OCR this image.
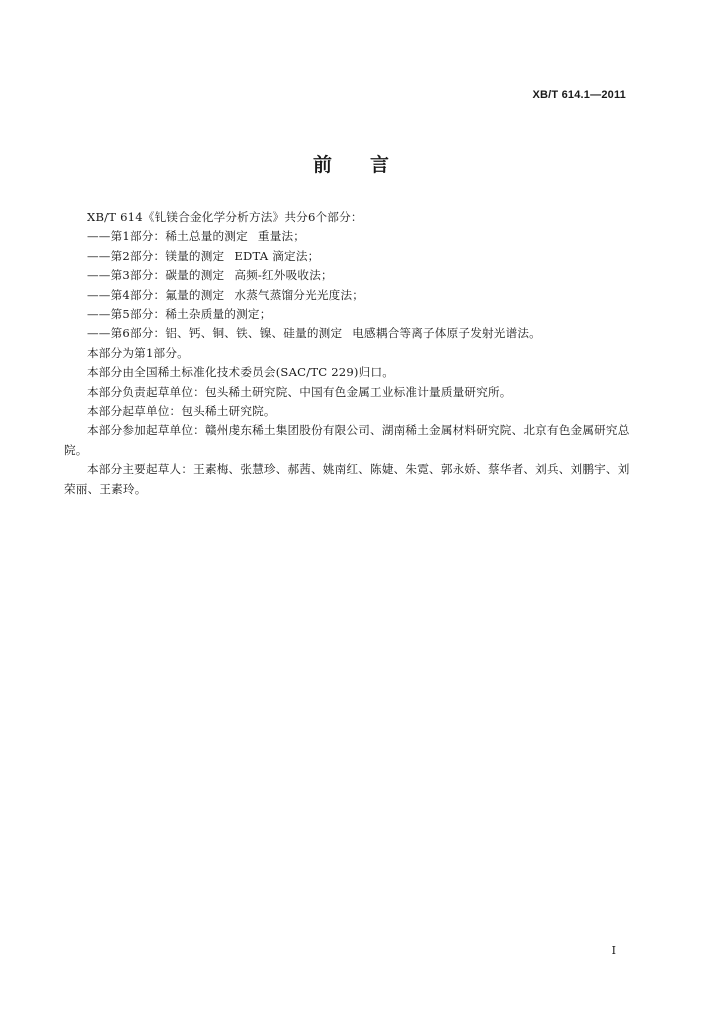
XB/T 614.1—2011
前言
XB/T 614《钆镁合金化学分析方法》共分6个部分：
——第1部分：稀土总量的测定 重量法；
——第2部分：镁量的测定 EDTA 滴定法；
——第3部分：碳量的测定 高频-红外吸收法；
——第4部分：氟量的测定 水蒸气蒸馏分光光度法；
——第5部分：稀土杂质量的测定；
——第6部分：铝、钙、铜、铁、镍、硅量的测定 电感耦合等离子体原子发射光谱法。
本部分为第1部分。
本部分由全国稀土标准化技术委员会(SAC/TC 229)归口。
本部分负责起草单位：包头稀土研究院、中国有色金属工业标准计量质量研究所。
本部分起草单位：包头稀土研究院。
本部分参加起草单位：赣州虔东稀土集团股份有限公司、湖南稀土金属材料研究院、北京有色金属研究总院。
本部分主要起草人：王素梅、张慧珍、郝茜、姚南红、陈婕、朱霓、郭永娇、蔡华者、刘兵、刘鹏宇、刘荣丽、王素玲。
I
